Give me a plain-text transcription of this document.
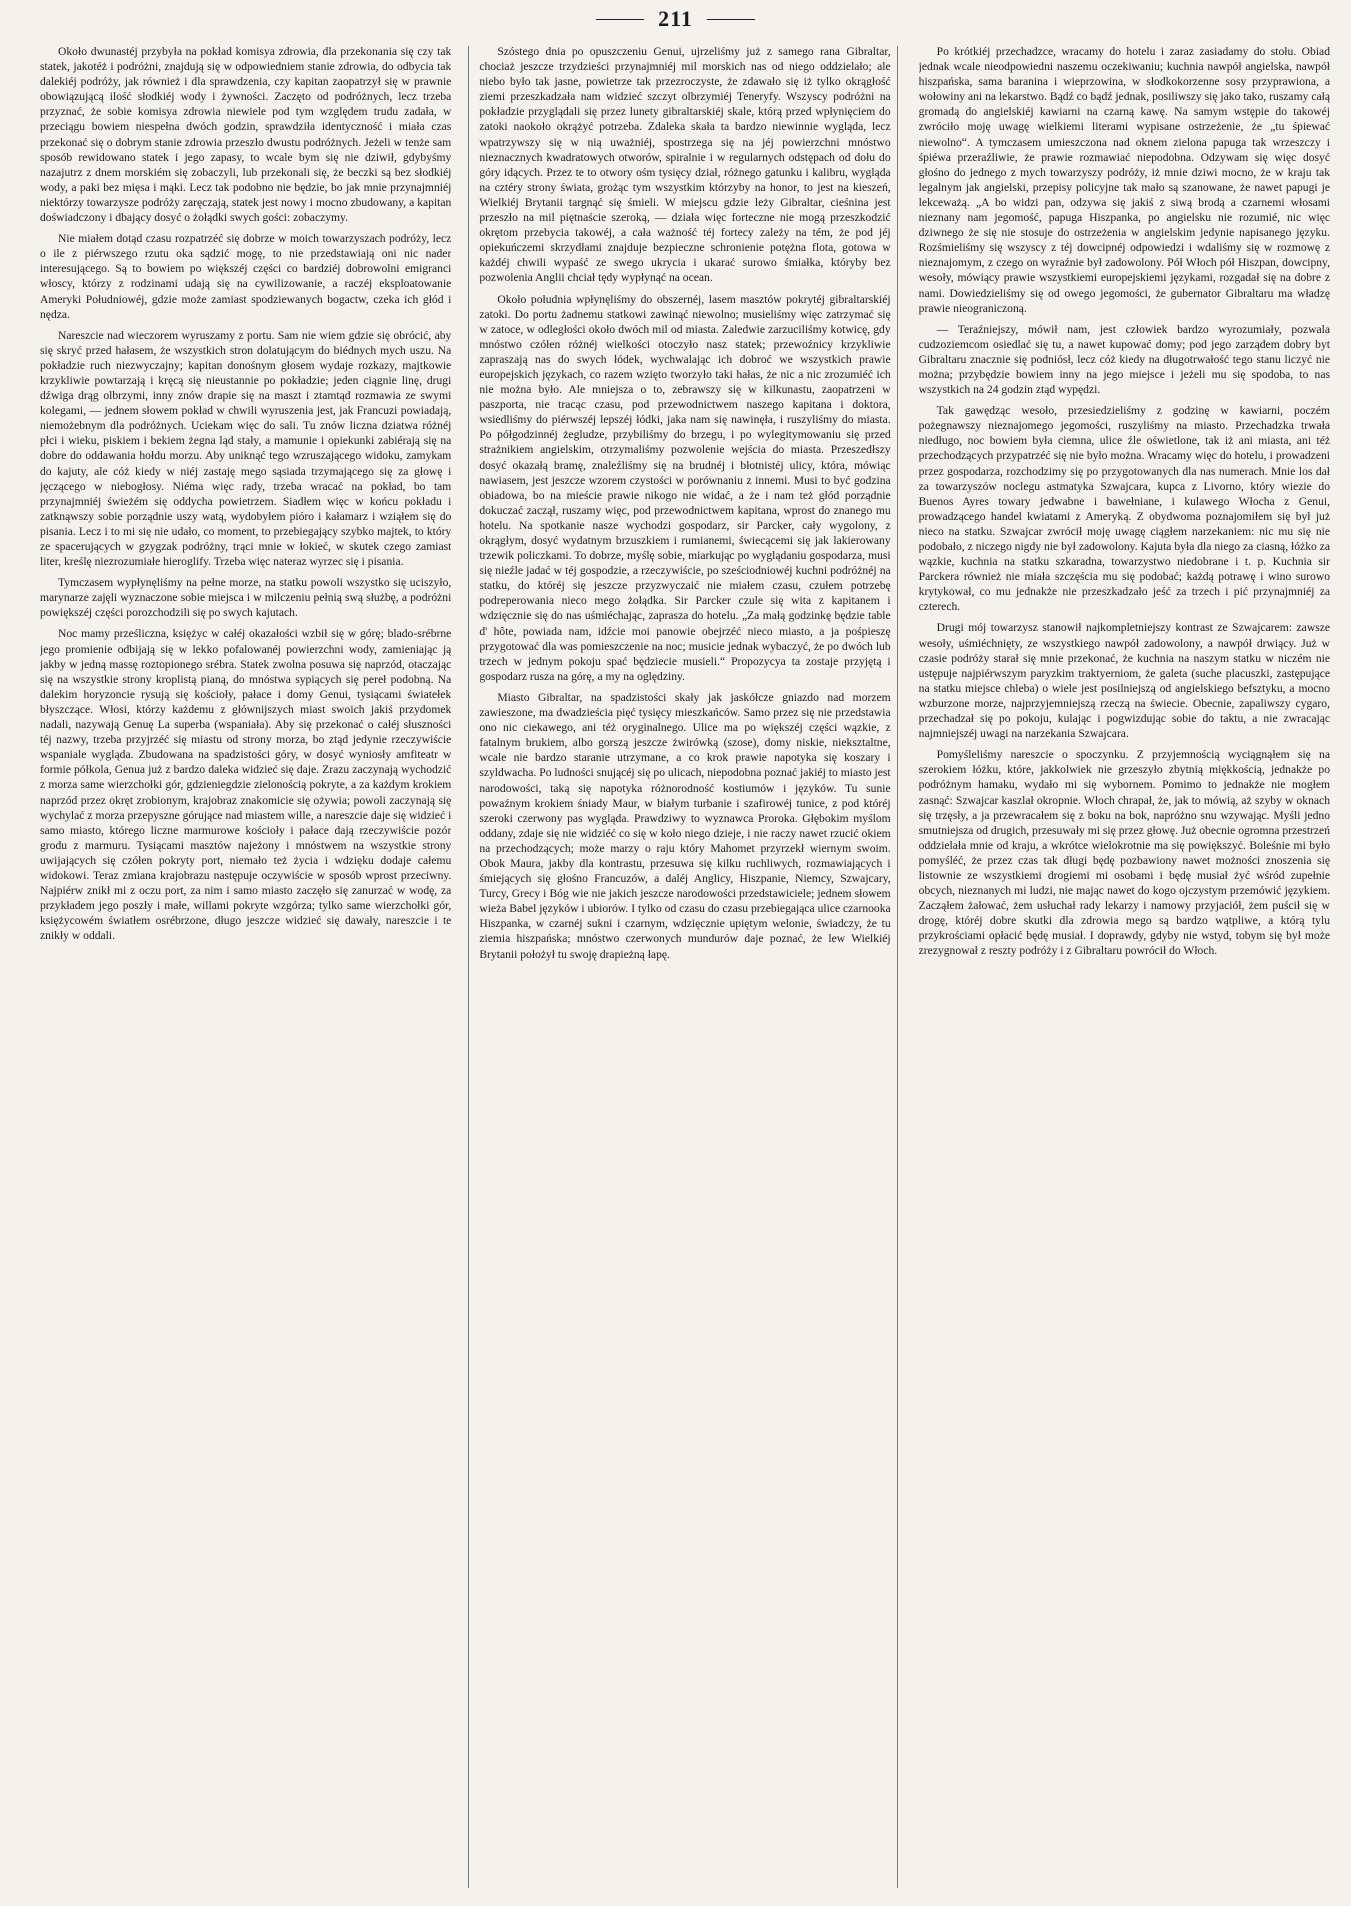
211

Około dwunastéj przybyła na pokład komisya zdrowia, dla przekonania się czy tak statek, jakotéż i podróżni, znajdują się w odpowiedniem stanie zdrowia, do odbycia tak dalekiéj podróży, jak również i dla sprawdzenia, czy kapitan zaopatrzył się w prawnie obowiązującą ilość słodkiéj wody i żywności. Zaczęto od podróżnych, lecz trzeba przyznać, że sobie komisya zdrowia niewiele pod tym względem trudu zadała, w przeciągu bowiem niespełna dwóch godzin, sprawdziła identyczność i miała czas przekonać się o dobrym stanie zdrowia przeszło dwustu podróżnych. Jeżeli w tenże sam sposób rewidowano statek i jego zapasy, to wcale bym się nie dziwił, gdybyśmy nazajutrz z dnem morskiém się zobaczyli, lub przekonali się, że beczki są bez słodkiéj wody, a paki bez mięsa i mąki. Lecz tak podobno nie będzie, bo jak mnie przynajmniéj niektórzy towarzysze podróży zaręczają, statek jest nowy i mocno zbudowany, a kapitan doświadczony i dbający dosyć o żołądki swych gości: zobaczymy.

Nie miałem dotąd czasu rozpatrzéć się dobrze w moich towarzyszach podróży, lecz o ile z piérwszego rzutu oka sądzić mogę, to nie przedstawiają oni nic nader interesującego. Są to bowiem po większéj części co bardziéj dobrowolni emigranci włoscy, którzy z rodzinami udają się na cywilizowanie, a raczéj eksploatowanie Ameryki Południowéj, gdzie może zamiast spodziewanych bogactw, czeka ich głód i nędza.

Nareszcie nad wieczorem wyruszamy z portu. Sam nie wiem gdzie się obrócić, aby się skryć przed hałasem, że wszystkich stron dolatującym do biédnych mych uszu. Na pokładzie ruch niezwyczajny; kapitan donośnym głosem wydaje rozkazy, majtkowie krzykliwie powtarzają i kręcą się nieustannie po pokładzie; jeden ciągnie linę, drugi dźwiga drąg olbrzymi, inny znów drapie się na maszt i ztamtąd rozmawia ze swymi kolegami, — jednem słowem pokład w chwili wyruszenia jest, jak Francuzi powiadają, niemożebnym dla podróżnych. Uciekam więc do sali. Tu znów liczna dziatwa różnéj płci i wieku, piskiem i bekiem żegna ląd stały, a mamunie i opiekunki zabiérają się na dobre do oddawania hołdu morzu. Aby uniknąć tego wzruszającego widoku, zamykam do kajuty, ale cóż kiedy w niéj zastaję mego sąsiada trzymającego się za głowę i jęczącego w niebogłosy. Niéma więc rady, trzeba wracać na pokład, bo tam przynajmniéj świeżém się oddycha powietrzem. Siadłem więc w końcu pokładu i zatknąwszy sobie porządnie uszy watą, wydobyłem pióro i kałamarz i wziąłem się do pisania. Lecz i to mi się nie udało, co moment, to przebiegający szybko majtek, to który ze spacerujących w gzygzak podróżny, trąci mnie w łokieć, w skutek czego zamiast liter, kreślę niezrozumiałe hieroglify. Trzeba więc naterаz wyrzec się i pisania.

Tymczasem wypłynęliśmy na pełne morze, na statku powoli wszystko się uciszyło, marynarze zajęli wyznaczone sobie miejsca i w milczeniu pełnią swą służbę, a podróżni powiększéj części porozchodzili się po swych kajutach.

Noc mamy prześliczna, księżyc w całéj okazałości wzbił się w górę; blado-srébrne jego promienie odbijają się w lekko pofalowanéj powierzchni wody, zamieniając ją jakby w jedną massę roztopionego srébra. Statek zwolna posuwa się naprzód, otaczając się na wszystkie strony kroplistą pianą, do mnóstwa sypiących się pereł podobną. Na dalekim horyzoncie rysują się kościoły, pałace i domy Genui, tysiącami światełek błyszczące. Włosi, którzy każdemu z głównijszych miast swoich jakiś przydomek nadali, nazywają Genuę La superba (wspaniała). Aby się przekonać o całéj słuszności téj nazwy, trzeba przyjrzéć się miastu od strony morza, bo ztąd jedynie rzeczywiście wspaniale wygląda. Zbudowana na spadzistości góry, w dosyć wyniosły amfiteatr w formie półkola, Genua już z bardzo daleka widzieć się daje. Zrazu zaczynają wychodzić z morza same wierzchołki gór, gdzieniegdzie zielonością pokryte, a za każdym krokiem naprzód przez okręt zrobionym, krajobraz znakomicie się ożywia; powoli zaczynają się wychylać z morza przepyszne górujące nad miastem wille, a nareszcie daje się widzieć i samo miasto, którego liczne marmurowe kościoły i pałace dają rzeczywiście pozór grodu z marmuru. Tysiącami masztów najeżony i mnóstwem na wszystkie strony uwijających się czółen pokryty port, niemało też życia i wdzięku dodaje całemu widokowi. Teraz zmiana krajobrazu następuje oczywiście w sposób wprost przeciwny. Najpiérw znikł mi z oczu port, za nim i samo miasto zaczęło się zanurzać w wodę, za przykładem jego poszły i małe, willami pokryte wzgórza; tylko same wierzchołki gór, księżycowém światłem osrébrzone, długo jeszcze widzieć się dawały, nareszcie i te znikły w oddali.

Szóstego dnia po opuszczeniu Genui, ujrzeliśmy już z samego rana Gibraltar, chociaż jeszcze trzydzieści przynajmniéj mil morskich nas od niego oddzielało; ale niebo było tak jasne, powietrze tak przezroczyste, że zdawało się iż tylko okrągłość ziemi przeszkadzała nam widzieć szczyt olbrzymiéj Teneryfy. Wszyscy podróżni na pokładzie przyglądali się przez lunety gibraltarskiéj skale, którą przed wpłynięciem do zatoki naokoło okrążyć potrzeba. Zdaleka skała ta bardzo niewinnie wygląda, lecz wpatrzywszy się w nią uważniéj, spostrzega się na jéj powierzchni mnóstwo nieznacznych kwadratowych otworów, spiralnie i w regularnych odstępach od dołu do góry idących. Przez te to otwory ośm tysięcy dział, różnego gatunku i kalibru, wygląda na cztéry strony świata, grożąc tym wszystkim którzyby na honor, to jest na kieszeń, Wielkiéj Brytanii targnąć się śmieli. W miejscu gdzie leży Gibraltar, cieśnina jest przeszło na mil piętnaście szeroką, — działa więc fortecznе nie mogą przeszkodzić okrętom przebycia takowéj, a cała ważność téj fortecy zależy na tém, że pod jéj opiekuńczemi skrzydłami znajduje bezpieczne schronienie potężna flota, gotowa w każdéj chwili wypaść ze swego ukrycia i ukarać surowo śmiałka, któryby bez pozwolenia Anglii chciał tędy wypłynąć na ocean.

Około południa wpłynęliśmy do obszernéj, lasem masztów pokrytéj gibraltarskiéj zatoki. Do portu żadnemu statkowi zawinąć niewolno; musieliśmy więc zatrzymać się w zatoce, w odległości około dwóch mil od miasta. Zaledwie zarzuciliśmy kotwicę, gdy mnóstwo czółen różnéj wielkości otoczyło nasz statek; przewoźnicy krzykliwie zapraszają nas do swych łódek, wychwalając ich dobroć we wszystkich prawie europejskich językach, co razem wzięto tworzyło taki hałas, że nic a nic zrozumiéć ich nie można było. Ale mniejsza o to, zebrawszy się w kilkunastu, zaopatrzeni w paszporta, nie tracąc czasu, pod przewodnictwem naszego kapitana i doktora, wsiedliśmy do piérwszéj lepszéj łódki, jaka nam się nawinęła, i ruszyliśmy do miasta. Po półgodzinnéj żegludze, przybiliśmy do brzegu, i po wylegitymowaniu się przed strażnikiem angielskim, otrzymaliśmy pozwolenie wejścia do miasta. Przeszedłszy dosyć okazałą bramę, znaleźliśmy się na brudnéj i błotnistéj ulicy, która, mówiąc nawiasem, jest jeszcze wzorem czystości w porównaniu z innemi. Musi to być godzina obiadowa, bo na mieście prawie nikogo nie widać, a że i nam też głód porządnie dokuczać zaczął, ruszamy więc, pod przewodnictwem kapitana, wprost do znanego mu hotelu. Na spotkanie nasze wychodzi gospodarz, sir Parcker, cały wygolony, z okrągłym, dosyć wydatnym brzuszkiem i rumianemi, świecącemi się jak lakierowany trzewik policzkami. To dobrze, myślę sobie, miarkując po wyglądaniu gospodarza, musi się nieźle jadać w téj gospodzie, a rzeczywiście, po sześciodniowéj kuchni podróżnéj na statku, do któréj się jeszcze przyzwyczaić nie miałem czasu, czułem potrzebę podreperowania nieco mego żołądka. Sir Parcker czule się wita z kapitanem i wdzięcznie się do nas uśmiéchając, zaprasza do hotelu. „Za małą godzinkę będzie table d' hôte, powiada nam, idźcie moi panowie obejrzéć nieco miasto, a ja pośpieszę przygotować dla was pomieszczenie na noc; musicie jednak wybaczyć, że po dwóch lub trzech w jednym pokoju spać będziecie musieli.“ Propozycya ta zostaje przyjętą i gospodarz rusza na górę, a my na oględziny.

Miasto Gibraltar, na spadzistości skały jak jaskółcze gniazdo nad morzem zawieszone, ma dwadzieścia pięć tysięcy mieszkańców. Samo przez się nie przedstawia ono nic ciekawego, ani téż oryginalnego. Ulice ma po większéj części wązkie, z fatalnym brukiem, albo gorszą jeszcze żwirówką (szose), domy niskie, nieksztaltne, wcale nie bardzo staranie utrzymane, a co krok prawie napotyka się koszary i szyldwacha. Po ludności snującéj się po ulicach, niepodobna poznać jakiéj to miasto jest narodowości, taką się napotyka różnorodność kostiumów i języków. Tu sunie powaźnym krokiem śniady Maur, w białym turbanie i szafirowéj tunice, z pod któréj szeroki czerwony pas wygląda. Prawdziwy to wyznawca Proroka. Głębokim myślom oddany, zdaje się nie widziéć co się w koło niego dzieje, i nie raczy nawet rzucić okiem na przechodzących; może marzy o raju który Mahomet przyrzekł wiernym swoim. Obok Maura, jakby dla kontrastu, przesuwa się kilku ruchliwych, rozmawiających i śmiejących się głośno Francuzów, a daléj Anglicy, Hiszpanie, Niemcy, Szwajcary, Turcy, Grecy i Bóg wie nie jakich jeszcze narodowości przedstawiciele; jednem słowem wieża Babel języków i ubiorów. I tylko od czasu do czasu przebiegająca ulice czarnooka Hiszpanka, w czarnéj sukni i czarnym, wdzięcznie upiętym welonie, świadczy, że tu ziemia hiszpańska; mnóstwo czerwonych mundurów daje poznać, że lew Wielkiéj Brytanii położył tu swoję drapieżną łapę.

Po krótkiéj przechadzce, wracamy do hotelu i zaraz zasiadamy do stołu. Obiad jednak wcale nieodpowiedni naszemu oczekiwaniu; kuchnia nawpół angielska, nawpół hiszpańska, sama baranina i wieprzowina, w słodkokorzenne sosy przyprawiona, a wołowiny ani na lekarstwo. Bądź co bądź jednak, posiliwszy się jako tako, ruszamy całą gromadą do angielskiéj kawiarni na czarną kawę. Na samym wstępie do takowéj zwróciło moję uwagę wielkiemi literami wypisane ostrzeżenie, że „tu śpiewać niewolno“. A tymczasem umieszczona nad oknem zielona papuga tak wrzeszczy i śpiéwa przeraźliwie, że prawie rozmawiać niepodobna. Odzywam się więc dosyć głośno do jednego z mych towarzyszy podróży, iż mnie dziwi mocno, że w kraju tak legalnym jak angielski, przepisy policyjne tak mało są szanowane, że nawet papugi je lekceważą. „A bo widzi pan, odzywa się jakiś z siwą brodą a czarnemi włosami nieznany nam jegomość, papuga Hiszpanka, po angielsku nie rozumié, nic więc dziwnego że się nie stosuje do ostrzeżenia w angielskim jedynie napisanego języku. Rozśmieliśmy się wszyscy z téj dowcipnéj odpowiedzi i wdaliśmy się w rozmowę z nieznajomym, z czego on wyraźnie był zadowolony. Pół Włoch pół Hiszpan, dowcipny, wesoły, mówiący prawie wszystkiemi europejskiemi językami, rozgadał się na dobre z nami. Dowiedzieliśmy się od owego jegomości, że gubernator Gibraltaru ma władzę prawie nieograniczoną.

— Teraźniejszy, mówił nam, jest człowiek bardzo wyrozumiały, pozwala cudzoziemcom osiedlać się tu, a nawet kupować domy; pod jego zarządem dobry byt Gibraltaru znacznie się podniósł, lecz cóż kiedy na długotrwałość tego stanu liczyć nie można; przybędzie bowiem inny na jego miejsce i jeżeli mu się spodoba, to nas wszystkich na 24 godzin ztąd wypędzi.

Tak gawędząc wesoło, przesiedzieliśmy z godzinę w kawiarni, poczém pożegnawszy nieznajomego jegomości, ruszyliśmy na miasto. Przechadzka trwała niedługo, noc bowiem była ciemna, ulice źle oświetlone, tak iż ani miasta, ani téż przechodzących przypatrzéć się nie było można. Wracamy więc do hotelu, i prowadzeni przez gospodarza, rozchodzimy się po przygotowanych dla nas numerach. Mnie los dał za towarzyszów noclegu astmatyka Szwajcara, kupca z Livorno, który wiezie do Buenos Ayres towary jedwabne i bawełniane, i kulawego Włocha z Genui, prowadzącego handel kwiatami z Ameryką. Z obydwoma poznajomiłem się był już nieco na statku. Szwajcar zwrócił moję uwagę ciągłem narzekaniem: nic mu się nie podobało, z niczego nigdy nie był zadowolony. Kajuta była dla niego za ciasną, łóżko za wązkie, kuchnia na statku szkaradna, towarzystwo niedobrane i t. p. Kuchnia sir Parckera również nie miała szczęścia mu się podobać; każdą potrawę i wino surowo krytykował, co mu jednakże nie przeszkadzało jeść za trzech i pić przynajmniéj za czterech.

Drugi mój towarzysz stanowił najkompletniejszy kontrast ze Szwajcarem: zawsze wesoły, uśmiéchnięty, ze wszystkiego nawpół zadowolony, a nawpół drwiący. Już w czasie podróży starał się mnie przekonać, że kuchnia na naszym statku w niczém nie ustępuje najpiérwszym paryzkim traktyerniom, że galeta (suche placuszki, zastępujące na statku miejsce chleba) o wiele jest posilniejszą od angielskiego befsztyku, a mocno wzburzone morze, najprzyjemniejszą rzeczą na świecie. Obecnie, zapaliwszy cygaro, przechadzał się po pokoju, kulając i pogwizdując sobie do taktu, a nie zwracając najmniejszéj uwagi na narzekania Szwajcara.

Pomyśleliśmy nareszcie o spoczynku. Z przyjemnością wyciągnąłem się na szerokiem łóżku, które, jakkolwiek nie grzeszyło zbytnią miękkością, jednakże po podróżnym hamaku, wydało mi się wybornem. Pomimo to jednakże nie mogłem zasnąć: Szwajcar kaszlał okropnie. Włoch chrapał, że, jak to mówią, aż szyby w oknach się trzęsły, a ja przewracałem się z boku na bok, napróżno snu wzywając. Myśli jedno smutniejsza od drugich, przesuwały mi się przez głowę. Już obecnie ogromna przestrzeń oddzielała mnie od kraju, a wkrótce wielokrotnie ma się powiększyć. Boleśnie mi było pomyśléć, że przez czas tak długi będę pozbawiony nawet możności znoszenia się listownie ze wszystkiemi drogiemi mi osobami i będę musiał żyć wśród zupełnie obcych, nieznanych mi ludzi, nie mając nawet do kogo ojczystym przemówić językiem. Zacząłem żałować, żem usłuchał rady lekarzy i namowy przyjaciół, żem puścił się w drogę, któréj dobre skutki dla zdrowia mego są bardzo wątpliwe, a którą tylu przykrościami opłacić będę musiał. I doprawdy, gdyby nie wstyd, tobym się był może zrezygnował z reszty podróży i z Gibraltaru powrócił do Włoch.
